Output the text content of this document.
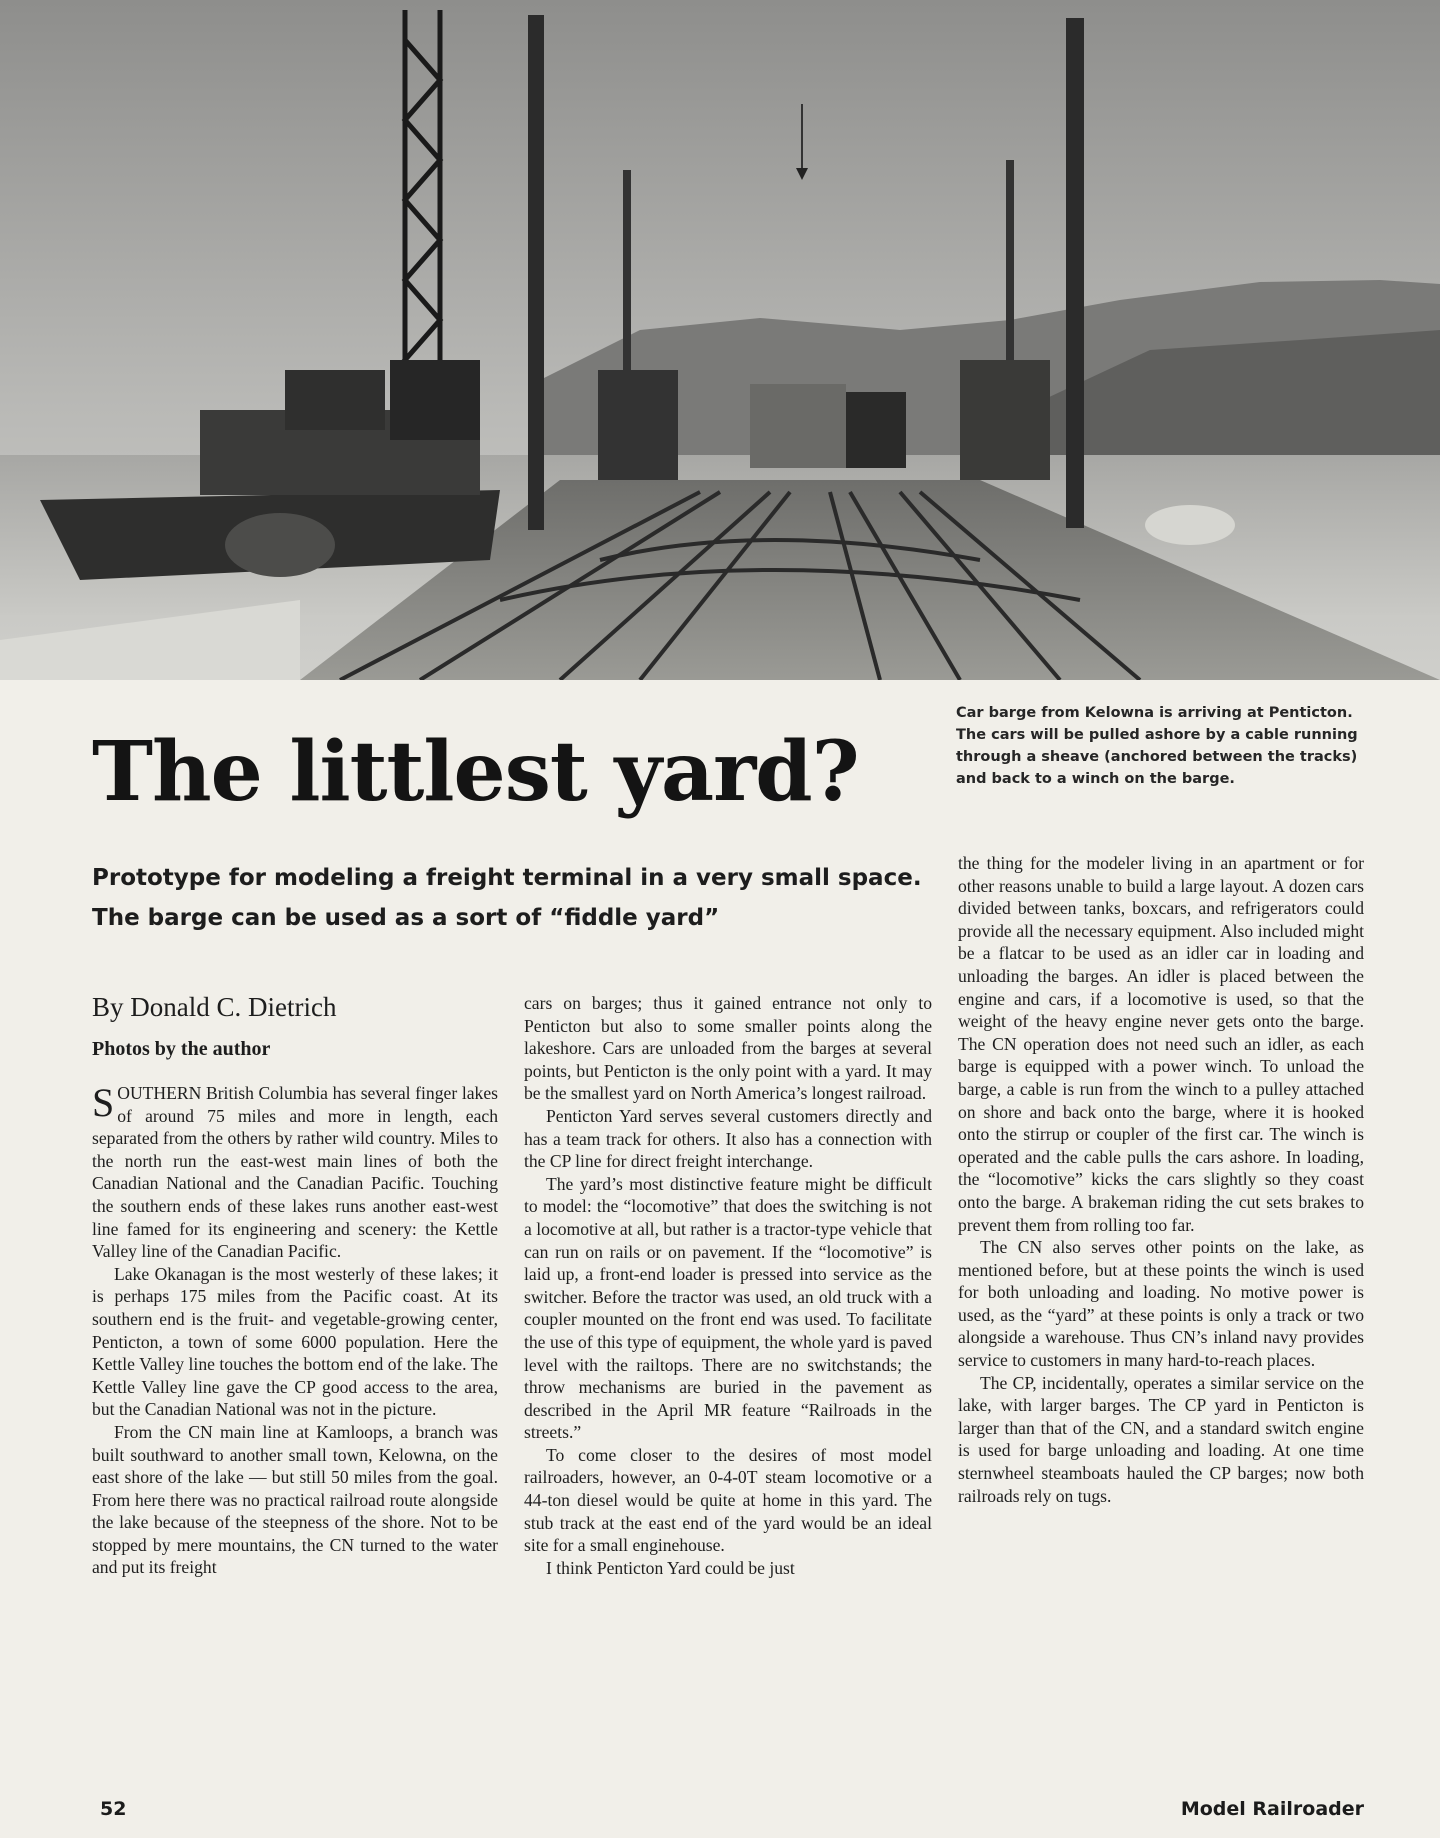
Car barge from Kelowna is arriving at Penticton. The cars will be pulled ashore by a cable running through a sheave (anchored between the tracks) and back to a winch on the barge.
The littlest yard?
Prototype for modeling a freight terminal in a very small space. The barge can be used as a sort of “fiddle yard”
By Donald C. Dietrich
Photos by the author

SOUTHERN British Columbia has several finger lakes of around 75 miles and more in length, each separated from the others by rather wild country. Miles to the north run the east-west main lines of both the Canadian National and the Canadian Pacific. Touching the southern ends of these lakes runs another east-west line famed for its engineering and scenery: the Kettle Valley line of the Canadian Pacific.

Lake Okanagan is the most westerly of these lakes; it is perhaps 175 miles from the Pacific coast. At its southern end is the fruit- and vegetable-growing center, Penticton, a town of some 6000 population. Here the Kettle Valley line touches the bottom end of the lake. The Kettle Valley line gave the CP good access to the area, but the Canadian National was not in the picture.

From the CN main line at Kamloops, a branch was built southward to another small town, Kelowna, on the east shore of the lake — but still 50 miles from the goal. From here there was no practical railroad route alongside the lake because of the steepness of the shore. Not to be stopped by mere mountains, the CN turned to the water and put its freight

cars on barges; thus it gained entrance not only to Penticton but also to some smaller points along the lakeshore. Cars are unloaded from the barges at several points, but Penticton is the only point with a yard. It may be the smallest yard on North America’s longest railroad.

Penticton Yard serves several customers directly and has a team track for others. It also has a connection with the CP line for direct freight interchange.

The yard’s most distinctive feature might be difficult to model: the “locomotive” that does the switching is not a locomotive at all, but rather is a tractor-type vehicle that can run on rails or on pavement. If the “locomotive” is laid up, a front-end loader is pressed into service as the switcher. Before the tractor was used, an old truck with a coupler mounted on the front end was used. To facilitate the use of this type of equipment, the whole yard is paved level with the railtops. There are no switchstands; the throw mechanisms are buried in the pavement as described in the April MR feature “Railroads in the streets.”

To come closer to the desires of most model railroaders, however, an 0-4-0T steam locomotive or a 44-ton diesel would be quite at home in this yard. The stub track at the east end of the yard would be an ideal site for a small enginehouse.

I think Penticton Yard could be just

the thing for the modeler living in an apartment or for other reasons unable to build a large layout. A dozen cars divided between tanks, boxcars, and refrigerators could provide all the necessary equipment. Also included might be a flatcar to be used as an idler car in loading and unloading the barges. An idler is placed between the engine and cars, if a locomotive is used, so that the weight of the heavy engine never gets onto the barge. The CN operation does not need such an idler, as each barge is equipped with a power winch. To unload the barge, a cable is run from the winch to a pulley attached on shore and back onto the barge, where it is hooked onto the stirrup or coupler of the first car. The winch is operated and the cable pulls the cars ashore. In loading, the “locomotive” kicks the cars slightly so they coast onto the barge. A brakeman riding the cut sets brakes to prevent them from rolling too far.

The CN also serves other points on the lake, as mentioned before, but at these points the winch is used for both unloading and loading. No motive power is used, as the “yard” at these points is only a track or two alongside a warehouse. Thus CN’s inland navy provides service to customers in many hard-to-reach places.

The CP, incidentally, operates a similar service on the lake, with larger barges. The CP yard in Penticton is larger than that of the CN, and a standard switch engine is used for barge unloading and loading. At one time sternwheel steamboats hauled the CP barges; now both railroads rely on tugs.

52	Model Railroader
